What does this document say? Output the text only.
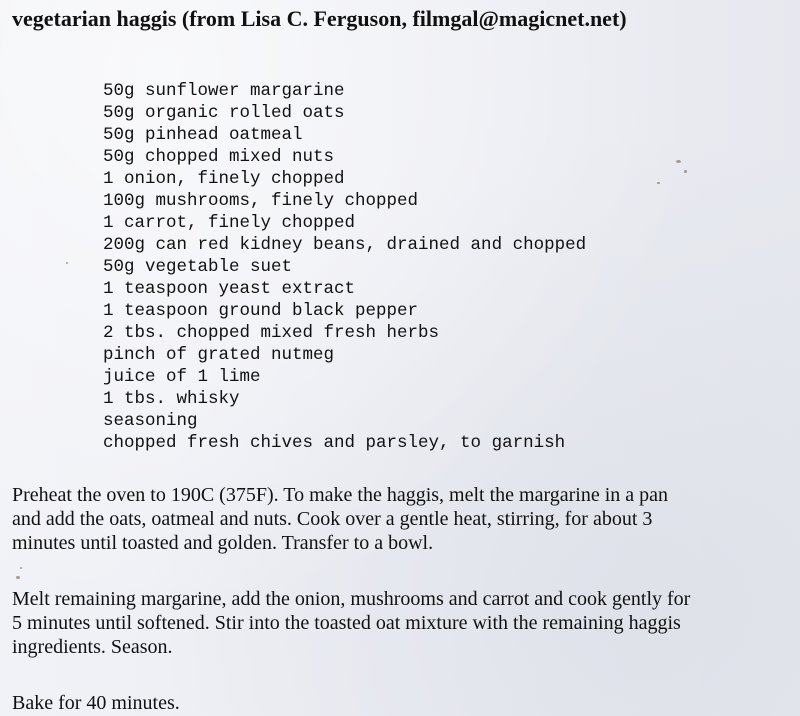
vegetarian haggis (from Lisa C. Ferguson, filmgal@magicnet.net)
50g sunflower margarine
50g organic rolled oats
50g pinhead oatmeal
50g chopped mixed nuts
1 onion, finely chopped
100g mushrooms, finely chopped
1 carrot, finely chopped
200g can red kidney beans, drained and chopped
50g vegetable suet
1 teaspoon yeast extract
1 teaspoon ground black pepper
2 tbs. chopped mixed fresh herbs
pinch of grated nutmeg
juice of 1 lime
1 tbs. whisky
seasoning
chopped fresh chives and parsley, to garnish

Preheat the oven to 190C (375F). To make the haggis, melt the margarine in a pan
and add the oats, oatmeal and nuts. Cook over a gentle heat, stirring, for about 3
minutes until toasted and golden. Transfer to a bowl.

Melt remaining margarine, add the onion, mushrooms and carrot and cook gently for
5 minutes until softened. Stir into the toasted oat mixture with the remaining haggis
ingredients. Season.

Bake for 40 minutes.
